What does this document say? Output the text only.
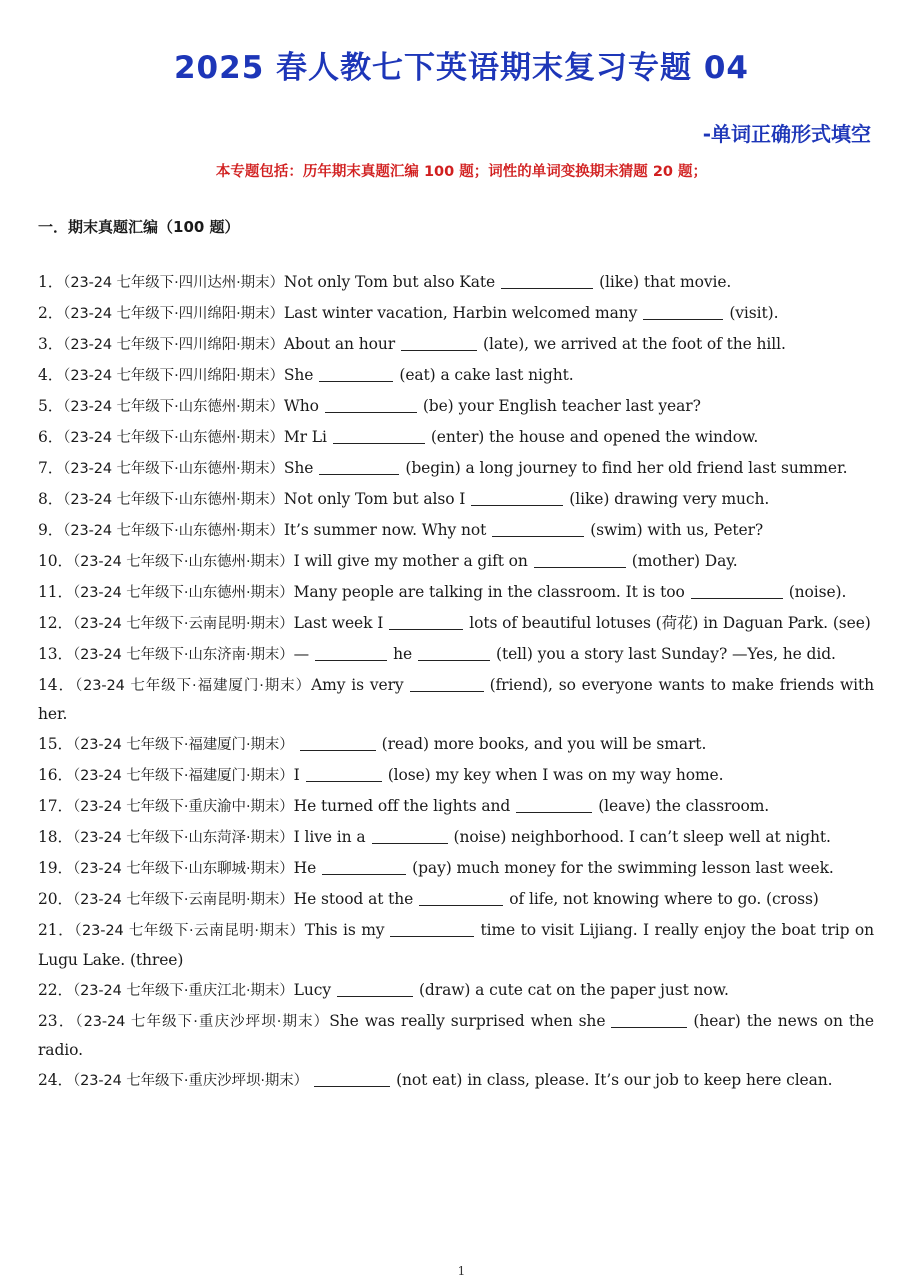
2025 春人教七下英语期末复习专题 04
-单词正确形式填空
本专题包括：历年期末真题汇编 100 题；词性的单词变换期末猜题 20 题；
一．期末真题汇编（100 题）
1．（23-24 七年级下·四川达州·期末）Not only Tom but also Kate	(like) that movie.
2．（23-24 七年级下·四川绵阳·期末）Last winter vacation, Harbin welcomed many	(visit).
3．（23-24 七年级下·四川绵阳·期末）About an hour	(late), we arrived at the foot of the hill.
4．（23-24 七年级下·四川绵阳·期末）She	(eat) a cake last night.
5．（23-24 七年级下·山东德州·期末）Who	(be) your English teacher last year?
6．（23-24 七年级下·山东德州·期末）Mr Li	(enter) the house and opened the window.
7．（23-24 七年级下·山东德州·期末）She	(begin) a long journey to find her old friend last summer.
8．（23-24 七年级下·山东德州·期末）Not only Tom but also I	(like) drawing very much.
9．（23-24 七年级下·山东德州·期末）It’s summer now. Why not	(swim) with us, Peter?
10．（23-24 七年级下·山东德州·期末）I will give my mother a gift on	(mother) Day.
11．（23-24 七年级下·山东德州·期末）Many people are talking in the classroom. It is too	(noise).
12．（23-24 七年级下·云南昆明·期末）Last week I	lots of beautiful lotuses (荷花) in Daguan Park. (see)
13．（23-24 七年级下·山东济南·期末）—	he	(tell) you a story last Sunday? —Yes, he did.
14．（23-24 七年级下·福建厦门·期末）Amy is very	(friend), so everyone wants to make friends with her.
15．（23-24 七年级下·福建厦门·期末）	(read) more books, and you will be smart.
16．（23-24 七年级下·福建厦门·期末）I	(lose) my key when I was on my way home.
17．（23-24 七年级下·重庆渝中·期末）He turned off the lights and	(leave) the classroom.
18．（23-24 七年级下·山东菏泽·期末）I live in a	(noise) neighborhood. I can’t sleep well at night.
19．（23-24 七年级下·山东聊城·期末）He	(pay) much money for the swimming lesson last week.
20．（23-24 七年级下·云南昆明·期末）He stood at the	of life, not knowing where to go. (cross)
21．（23-24 七年级下·云南昆明·期末）This is my	time to visit Lijiang. I really enjoy the boat trip on Lugu Lake. (three)
22．（23-24 七年级下·重庆江北·期末）Lucy	(draw) a cute cat on the paper just now.
23．（23-24 七年级下·重庆沙坪坝·期末）She was really surprised when she	(hear) the news on the radio.
24．（23-24 七年级下·重庆沙坪坝·期末）	(not eat) in class, please. It’s our job to keep here clean.
1
